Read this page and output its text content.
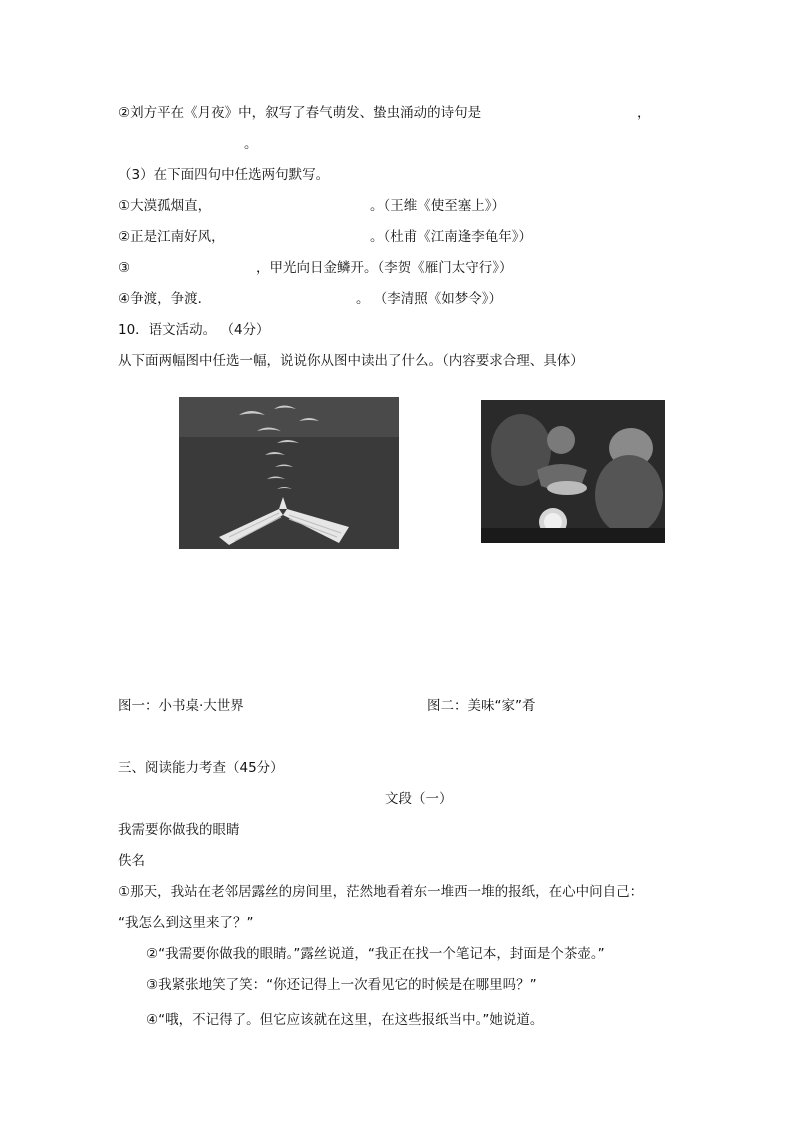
②刘方平在《月夜》中，叙写了春气萌发、蛰虫涌动的诗句是	，
。
（3）在下面四句中任选两句默写。
①大漠孤烟直，	。（王维《使至塞上》）
②正是江南好风，	。（杜甫《江南逢李龟年》）
③	，甲光向日金鳞开。（李贺《雁门太守行》）
④争渡，争渡．	。 （李清照《如梦令》）
10．语文活动。 （4分）
从下面两幅图中任选一幅，说说你从图中读出了什么。（内容要求合理、具体）
图一：小书桌·大世界	图二：美味“家”肴
三、阅读能力考查（45分）
文段（一）
我需要你做我的眼睛
佚名
①那天，我站在老邻居露丝的房间里，茫然地看着东一堆西一堆的报纸，在心中问自己：
“我怎么到这里来了？”
②“我需要你做我的眼睛。”露丝说道，“我正在找一个笔记本，封面是个茶壶。”
③我紧张地笑了笑：“你还记得上一次看见它的时候是在哪里吗？”
④“哦，不记得了。但它应该就在这里，在这些报纸当中。”她说道。
